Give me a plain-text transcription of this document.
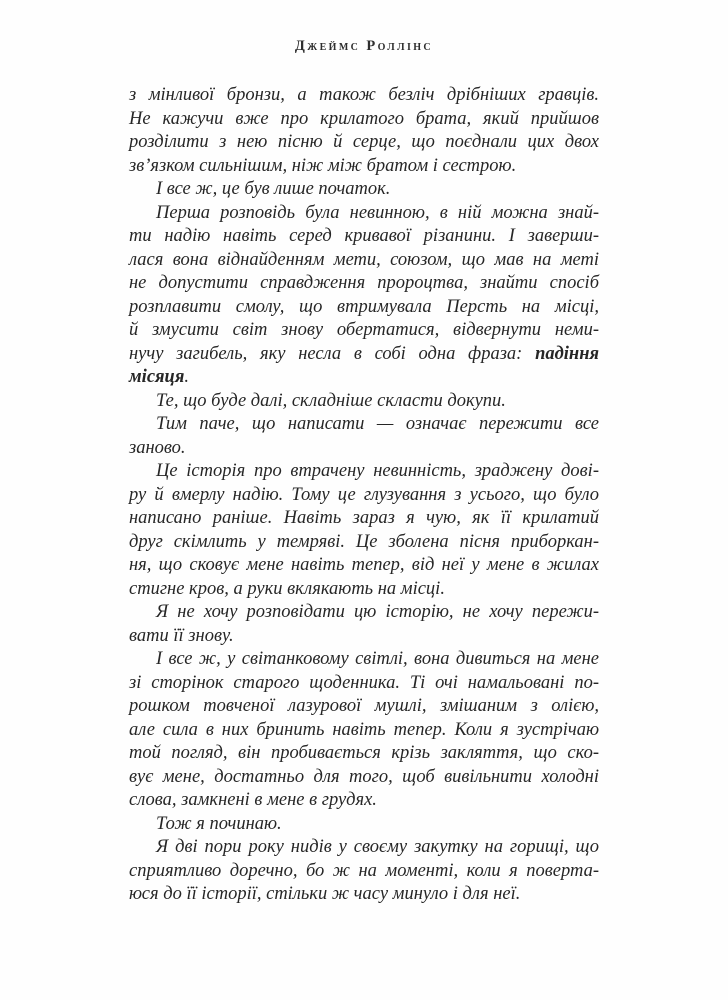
Джеймс Роллінс
з мінливої бронзи, а також безліч дрібніших гравців.
Не кажучи вже про крилатого брата, який прийшов
розділити з нею пісню й серце, що поєднали цих двох
зв’язком сильнішим, ніж між братом і сестрою.
І все ж, це був лише початок.
Перша розповідь була невинною, в ній можна знай-
ти надію навіть серед кривавої різанини. І заверши-
лася вона віднайденням мети, союзом, що мав на меті
не допустити справдження пророцтва, знайти спосіб
розплавити смолу, що втримувала Персть на місці,
й змусити світ знову обертатися, відвернути неми-
нучу загибель, яку несла в собі одна фраза: падіння
місяця.
Те, що буде далі, складніше скласти докупи.
Тим паче, що написати — означає пережити все
заново.
Це історія про втрачену невинність, зраджену дові-
ру й вмерлу надію. Тому це глузування з усього, що було
написано раніше. Навіть зараз я чую, як її крилатий
друг скімлить у темряві. Це зболена пісня приборкан-
ня, що сковує мене навіть тепер, від неї у мене в жилах
стигне кров, а руки вклякають на місці.
Я не хочу розповідати цю історію, не хочу пережи-
вати її знову.
І все ж, у світанковому світлі, вона дивиться на мене
зі сторінок старого щоденника. Ті очі намальовані по-
рошком товченої лазурової мушлі, змішаним з олією,
але сила в них бринить навіть тепер. Коли я зустрічаю
той погляд, він пробивається крізь закляття, що ско-
вує мене, достатньо для того, щоб вивільнити холодні
слова, замкнені в мене в грудях.
Тож я починаю.
Я дві пори року нидів у своєму закутку на горищі, що
сприятливо доречно, бо ж на моменті, коли я поверта-
юся до її історії, стільки ж часу минуло і для неї.
